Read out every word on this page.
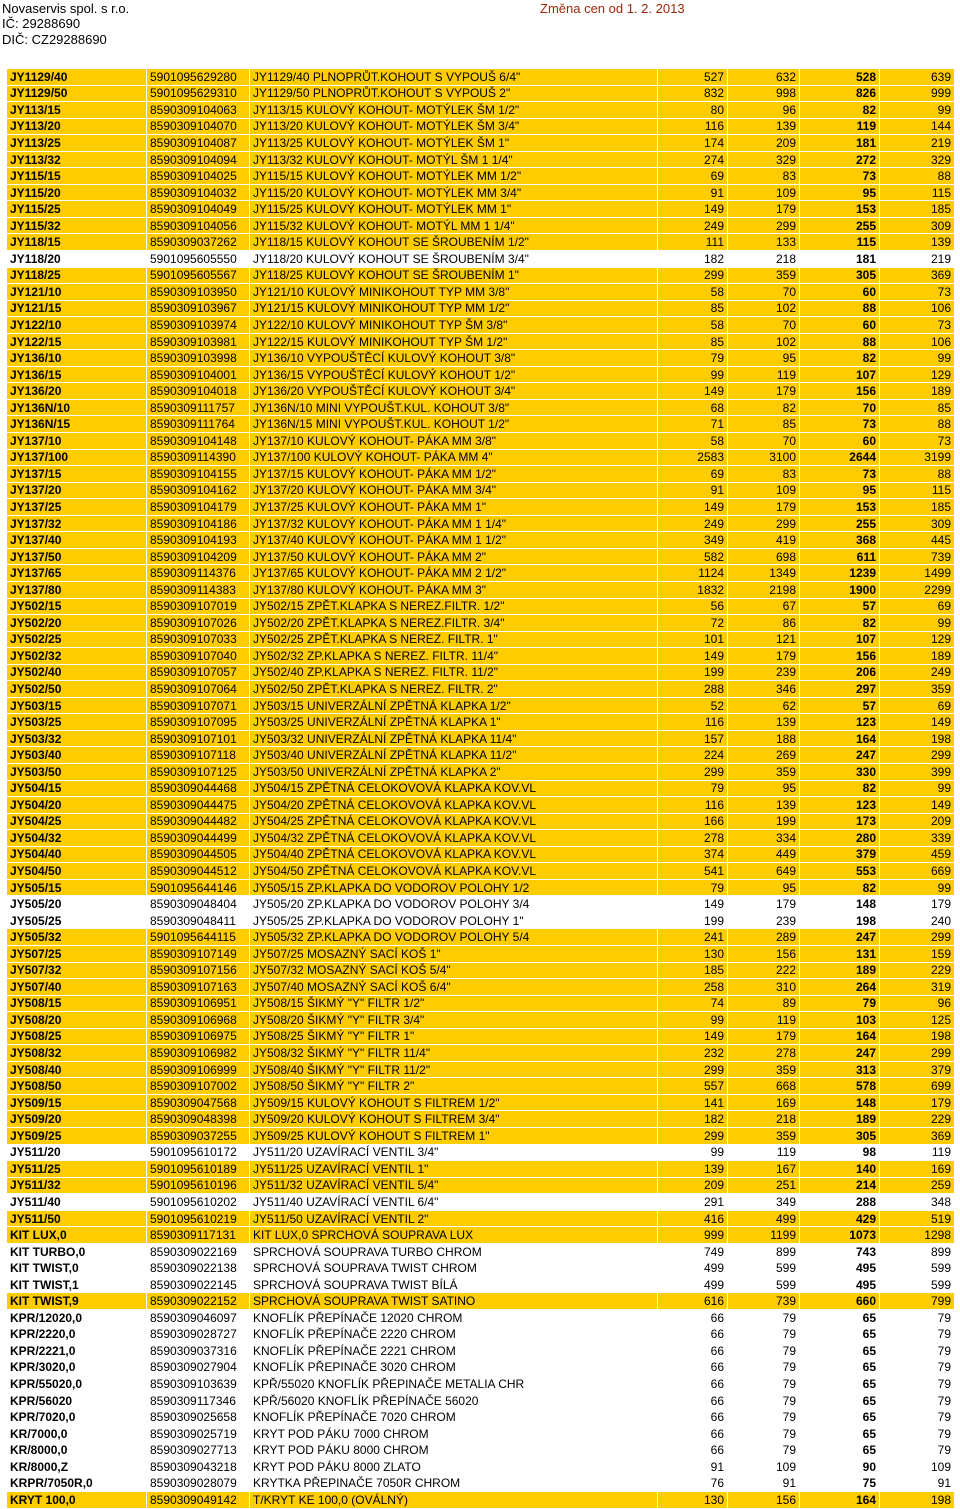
Novaservis spol. s r.o.
IČ: 29288690
DIČ: CZ29288690
Změna cen od 1. 2. 2013
JY1129/40	5901095629280	JY1129/40 PLNOPRŮT.KOHOUT S VYPOUŠ 6/4"	527	632	528	639
JY1129/50	5901095629310	JY1129/50 PLNOPRŮT.KOHOUT S VYPOUŠ 2"	832	998	826	999
JY113/15	8590309104063	JY113/15 KULOVÝ KOHOUT- MOTÝLEK ŠM 1/2"	80	96	82	99
JY113/20	8590309104070	JY113/20 KULOVÝ KOHOUT- MOTÝLEK ŠM 3/4"	116	139	119	144
JY113/25	8590309104087	JY113/25 KULOVÝ KOHOUT- MOTÝLEK ŠM 1"	174	209	181	219
JY113/32	8590309104094	JY113/32 KULOVÝ KOHOUT- MOTÝL ŠM 1 1/4"	274	329	272	329
JY115/15	8590309104025	JY115/15 KULOVÝ KOHOUT- MOTÝLEK MM 1/2"	69	83	73	88
JY115/20	8590309104032	JY115/20 KULOVÝ KOHOUT- MOTÝLEK MM 3/4"	91	109	95	115
JY115/25	8590309104049	JY115/25 KULOVÝ KOHOUT- MOTÝLEK MM 1"	149	179	153	185
JY115/32	8590309104056	JY115/32 KULOVÝ KOHOUT- MOTÝL MM 1 1/4"	249	299	255	309
JY118/15	8590309037262	JY118/15 KULOVÝ KOHOUT SE ŠROUBENÍM 1/2"	111	133	115	139
JY118/20	5901095605550	JY118/20 KULOVÝ KOHOUT SE ŠROUBENÍM 3/4"	182	218	181	219
JY118/25	5901095605567	JY118/25 KULOVÝ KOHOUT SE ŠROUBENÍM 1"	299	359	305	369
JY121/10	8590309103950	JY121/10 KULOVÝ MINIKOHOUT TYP MM 3/8"	58	70	60	73
JY121/15	8590309103967	JY121/15 KULOVÝ MINIKOHOUT TYP MM 1/2"	85	102	88	106
JY122/10	8590309103974	JY122/10 KULOVÝ MINIKOHOUT TYP ŠM 3/8"	58	70	60	73
JY122/15	8590309103981	JY122/15 KULOVÝ MINIKOHOUT TYP ŠM 1/2"	85	102	88	106
JY136/10	8590309103998	JY136/10 VYPOUŠTĚCÍ KULOVÝ KOHOUT 3/8"	79	95	82	99
JY136/15	8590309104001	JY136/15 VYPOUŠTĚCÍ KULOVÝ KOHOUT 1/2"	99	119	107	129
JY136/20	8590309104018	JY136/20 VYPOUŠTĚCÍ KULOVÝ KOHOUT 3/4"	149	179	156	189
JY136N/10	8590309111757	JY136N/10 MINI VYPOUŠT.KUL. KOHOUT 3/8"	68	82	70	85
JY136N/15	8590309111764	JY136N/15 MINI VYPOUŠT.KUL. KOHOUT 1/2"	71	85	73	88
JY137/10	8590309104148	JY137/10 KULOVÝ KOHOUT- PÁKA MM 3/8"	58	70	60	73
JY137/100	8590309114390	JY137/100 KULOVÝ KOHOUT- PÁKA MM 4"	2583	3100	2644	3199
JY137/15	8590309104155	JY137/15 KULOVÝ KOHOUT- PÁKA MM 1/2"	69	83	73	88
JY137/20	8590309104162	JY137/20 KULOVÝ KOHOUT- PÁKA MM 3/4"	91	109	95	115
JY137/25	8590309104179	JY137/25 KULOVÝ KOHOUT- PÁKA MM 1"	149	179	153	185
JY137/32	8590309104186	JY137/32 KULOVÝ KOHOUT- PÁKA MM 1 1/4"	249	299	255	309
JY137/40	8590309104193	JY137/40 KULOVÝ KOHOUT- PÁKA MM 1 1/2"	349	419	368	445
JY137/50	8590309104209	JY137/50 KULOVÝ KOHOUT- PÁKA MM 2"	582	698	611	739
JY137/65	8590309114376	JY137/65 KULOVÝ KOHOUT- PÁKA MM 2 1/2"	1124	1349	1239	1499
JY137/80	8590309114383	JY137/80 KULOVÝ KOHOUT- PÁKA MM 3"	1832	2198	1900	2299
JY502/15	8590309107019	JY502/15 ZPĚT.KLAPKA S NEREZ.FILTR. 1/2"	56	67	57	69
JY502/20	8590309107026	JY502/20 ZPĚT.KLAPKA S NEREZ.FILTR. 3/4"	72	86	82	99
JY502/25	8590309107033	JY502/25 ZPĚT.KLAPKA S NEREZ. FILTR. 1"	101	121	107	129
JY502/32	8590309107040	JY502/32 ZP.KLAPKA S NEREZ. FILTR. 11/4"	149	179	156	189
JY502/40	8590309107057	JY502/40 ZP.KLAPKA S NEREZ. FILTR. 11/2"	199	239	206	249
JY502/50	8590309107064	JY502/50 ZPĚT.KLAPKA S NEREZ. FILTR. 2"	288	346	297	359
JY503/15	8590309107071	JY503/15 UNIVERZÁLNÍ ZPĚTNÁ KLAPKA 1/2"	52	62	57	69
JY503/25	8590309107095	JY503/25 UNIVERZÁLNÍ ZPĚTNÁ KLAPKA 1"	116	139	123	149
JY503/32	8590309107101	JY503/32 UNIVERZÁLNÍ ZPĚTNÁ KLAPKA 11/4"	157	188	164	198
JY503/40	8590309107118	JY503/40 UNIVERZÁLNÍ ZPĚTNÁ KLAPKA 11/2"	224	269	247	299
JY503/50	8590309107125	JY503/50 UNIVERZÁLNÍ ZPĚTNÁ KLAPKA 2"	299	359	330	399
JY504/15	8590309044468	JY504/15 ZPĚTNÁ CELOKOVOVÁ KLAPKA KOV.VL	79	95	82	99
JY504/20	8590309044475	JY504/20 ZPĚTNÁ CELOKOVOVÁ KLAPKA KOV.VL	116	139	123	149
JY504/25	8590309044482	JY504/25 ZPĚTNÁ CELOKOVOVÁ KLAPKA KOV.VL	166	199	173	209
JY504/32	8590309044499	JY504/32 ZPĚTNÁ CELOKOVOVÁ KLAPKA KOV.VL	278	334	280	339
JY504/40	8590309044505	JY504/40 ZPĚTNÁ CELOKOVOVÁ KLAPKA KOV.VL	374	449	379	459
JY504/50	8590309044512	JY504/50 ZPĚTNÁ CELOKOVOVÁ KLAPKA KOV.VL	541	649	553	669
JY505/15	5901095644146	JY505/15 ZP.KLAPKA DO VODOROV POLOHY 1/2	79	95	82	99
JY505/20	8590309048404	JY505/20 ZP.KLAPKA DO VODOROV POLOHY 3/4	149	179	148	179
JY505/25	8590309048411	JY505/25 ZP.KLAPKA DO VODOROV POLOHY 1"	199	239	198	240
JY505/32	5901095644115	JY505/32 ZP.KLAPKA DO VODOROV POLOHY 5/4	241	289	247	299
JY507/25	8590309107149	JY507/25 MOSAZNÝ SACÍ KOŠ 1"	130	156	131	159
JY507/32	8590309107156	JY507/32 MOSAZNÝ SACÍ KOŠ 5/4"	185	222	189	229
JY507/40	8590309107163	JY507/40 MOSAZNÝ SACÍ KOŠ 6/4"	258	310	264	319
JY508/15	8590309106951	JY508/15 ŠIKMÝ "Y" FILTR 1/2"	74	89	79	96
JY508/20	8590309106968	JY508/20 ŠIKMÝ "Y" FILTR 3/4"	99	119	103	125
JY508/25	8590309106975	JY508/25 ŠIKMÝ "Y" FILTR 1"	149	179	164	198
JY508/32	8590309106982	JY508/32 ŠIKMÝ "Y" FILTR 11/4"	232	278	247	299
JY508/40	8590309106999	JY508/40 ŠIKMÝ "Y" FILTR 11/2"	299	359	313	379
JY508/50	8590309107002	JY508/50 ŠIKMÝ "Y" FILTR 2"	557	668	578	699
JY509/15	8590309047568	JY509/15 KULOVÝ KOHOUT S FILTREM 1/2"	141	169	148	179
JY509/20	8590309048398	JY509/20 KULOVÝ KOHOUT S FILTREM 3/4"	182	218	189	229
JY509/25	8590309037255	JY509/25 KULOVÝ KOHOUT S FILTREM 1"	299	359	305	369
JY511/20	5901095610172	JY511/20 UZAVÍRACÍ VENTIL 3/4"	99	119	98	119
JY511/25	5901095610189	JY511/25 UZAVÍRACÍ VENTIL 1"	139	167	140	169
JY511/32	5901095610196	JY511/32 UZAVÍRACÍ VENTIL 5/4"	209	251	214	259
JY511/40	5901095610202	JY511/40 UZAVÍRACÍ VENTIL 6/4"	291	349	288	348
JY511/50	5901095610219	JY511/50 UZAVÍRACÍ VENTIL 2"	416	499	429	519
KIT LUX,0	8590309117131	KIT LUX,0 SPRCHOVÁ SOUPRAVA LUX	999	1199	1073	1298
KIT TURBO,0	8590309022169	SPRCHOVÁ SOUPRAVA TURBO CHROM	749	899	743	899
KIT TWIST,0	8590309022138	SPRCHOVÁ SOUPRAVA TWIST CHROM	499	599	495	599
KIT TWIST,1	8590309022145	SPRCHOVÁ SOUPRAVA TWIST BÍLÁ	499	599	495	599
KIT TWIST,9	8590309022152	SPRCHOVÁ SOUPRAVA TWIST SATINO	616	739	660	799
KPR/12020,0	8590309046097	KNOFLÍK PŘEPÍNAČE 12020 CHROM	66	79	65	79
KPR/2220,0	8590309028727	KNOFLÍK PŘEPÍNAČE 2220 CHROM	66	79	65	79
KPR/2221,0	8590309037316	KNOFLÍK PŘEPÍNAČE 2221 CHROM	66	79	65	79
KPR/3020,0	8590309027904	KNOFLÍK PŘEPINAČE 3020 CHROM	66	79	65	79
KPR/55020,0	8590309103639	KPŘ/55020 KNOFLÍK PŘEPINAČE METALIA CHR	66	79	65	79
KPR/56020	8590309117346	KPŘ/56020 KNOFLÍK PŘEPÍNAČE 56020	66	79	65	79
KPR/7020,0	8590309025658	KNOFLÍK PŘEPÍNAČE 7020 CHROM	66	79	65	79
KR/7000,0	8590309025719	KRYT POD PÁKU 7000 CHROM	66	79	65	79
KR/8000,0	8590309027713	KRYT POD PÁKU 8000 CHROM	66	79	65	79
KR/8000,Z	8590309043218	KRYT POD PÁKU 8000 ZLATO	91	109	90	109
KRPR/7050R,0	8590309028079	KRYTKA PŘEPINAČE 7050R CHROM	76	91	75	91
KRYT 100,0	8590309049142	T/KRYT KE 100,0 (OVÁLNÝ)	130	156	164	198
